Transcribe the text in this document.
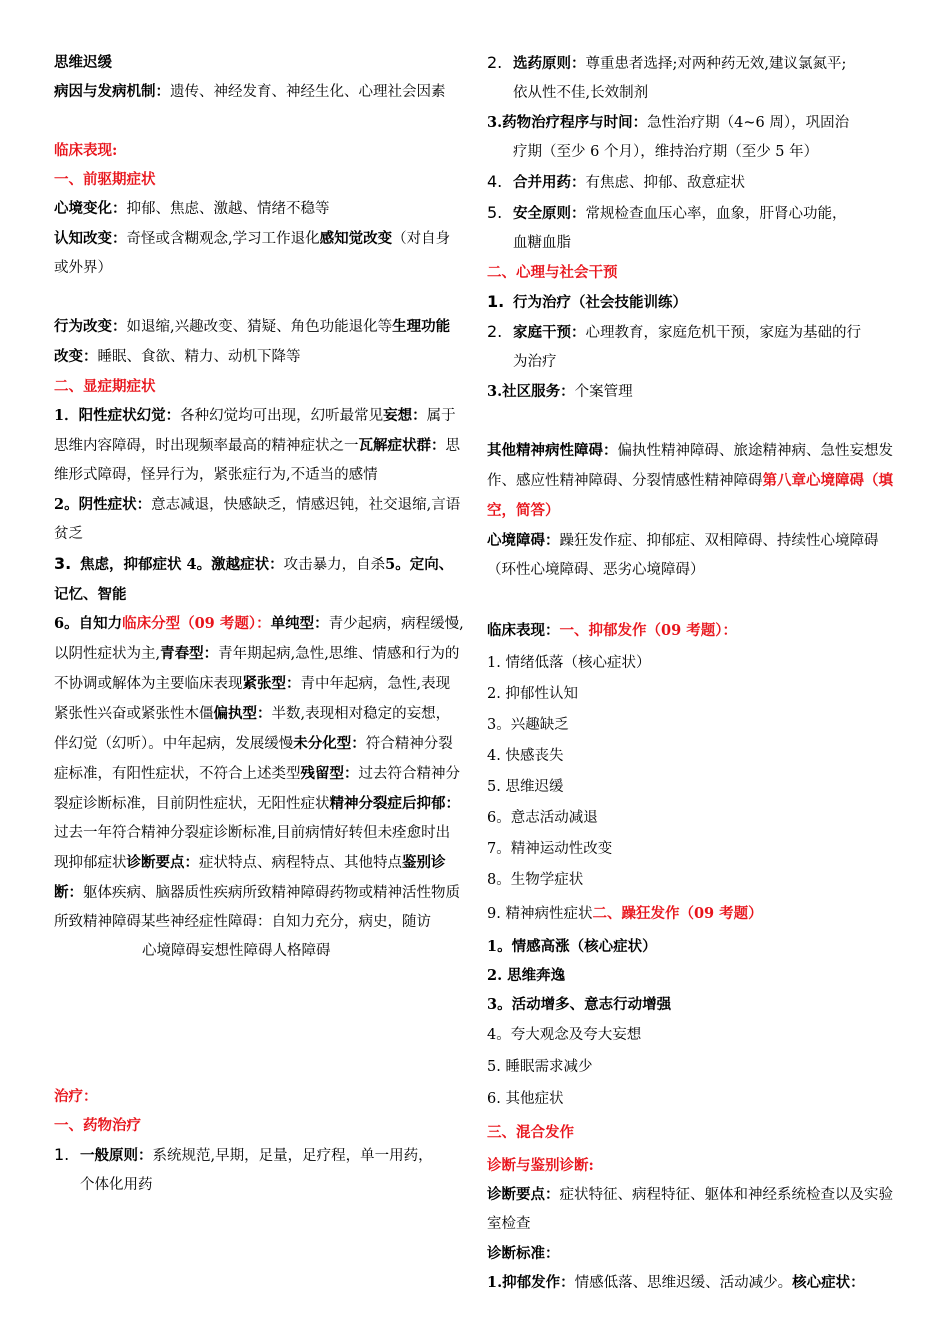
思维迟缓

病因与发病机制：遗传、神经发育、神经生化、心理社会因素

临床表现:

一、前驱期症状

心境变化：抑郁、焦虑、激越、情绪不稳等

认知改变：奇怪或含糊观念,学习工作退化感知觉改变（对自身或外界）

行为改变：如退缩,兴趣改变、猜疑、角色功能退化等生理功能改变：睡眠、食欲、精力、动机下降等

二、显症期症状

1．阳性症状幻觉：各种幻觉均可出现，幻听最常见妄想：属于思维内容障碍，时出现频率最高的精神症状之一瓦解症状群：思维形式障碍，怪异行为，紧张症行为,不适当的感情

2。阴性症状：意志减退，快感缺乏，情感迟钝，社交退缩,言语贫乏

3. 焦虑，抑郁症状 4。激越症状：攻击暴力，自杀5。定向、记忆、智能

6。自知力临床分型（09 考题）：单纯型：青少起病，病程缓慢,以阴性症状为主,青春型：青年期起病,急性,思维、情感和行为的不协调或解体为主要临床表现紧张型：青中年起病，急性,表现紧张性兴奋或紧张性木僵偏执型：半数,表现相对稳定的妄想，伴幻觉（幻听）。中年起病，发展缓慢未分化型：符合精神分裂症标准，有阳性症状，不符合上述类型残留型：过去符合精神分裂症诊断标准，目前阴性症状，无阳性症状精神分裂症后抑郁：过去一年符合精神分裂症诊断标准,目前病情好转但未痊愈时出现抑郁症状诊断要点：症状特点、病程特点、其他特点鉴别诊断：躯体疾病、脑器质性疾病所致精神障碍药物或精神活性物质所致精神障碍某些神经症性障碍：自知力充分，病史，随访

心境障碍妄想性障碍人格障碍

治疗：

一、药物治疗

1. 一般原则：系统规范,早期，足量，足疗程，单一用药，

个体化用药

2. 选药原则：尊重患者选择;对两种药无效,建议氯氮平;

依从性不佳,长效制剂

3.药物治疗程序与时间：急性治疗期（4~6 周），巩固治

疗期（至少 6 个月），维持治疗期（至少 5 年）

4. 合并用药：有焦虑、抑郁、敌意症状

5. 安全原则：常规检查血压心率，血象，肝肾心功能，

血糖血脂

二、心理与社会干预

1. 行为治疗（社会技能训练）

2. 家庭干预：心理教育，家庭危机干预，家庭为基础的行

为治疗

3.社区服务：个案管理

其他精神病性障碍：偏执性精神障碍、旅途精神病、急性妄想发作、感应性精神障碍、分裂情感性精神障碍第八章心境障碍（填空，简答）

心境障碍：躁狂发作症、抑郁症、双相障碍、持续性心境障碍（环性心境障碍、恶劣心境障碍）

临床表现：一、抑郁发作（09 考题）：

1. 情绪低落（核心症状）

2. 抑郁性认知

3。兴趣缺乏

4. 快感丧失

5. 思维迟缓

6。意志活动减退

7。精神运动性改变

8。生物学症状

9. 精神病性症状二、躁狂发作（09 考题）

1。情感高涨（核心症状）

2. 思维奔逸

3。活动增多、意志行动增强

4。夸大观念及夸大妄想

5. 睡眠需求减少

6. 其他症状

三、混合发作

诊断与鉴别诊断:

诊断要点：症状特征、病程特征、躯体和神经系统检查以及实验室检查

诊断标准：

1.抑郁发作：情感低落、思维迟缓、活动减少。核心症状：
